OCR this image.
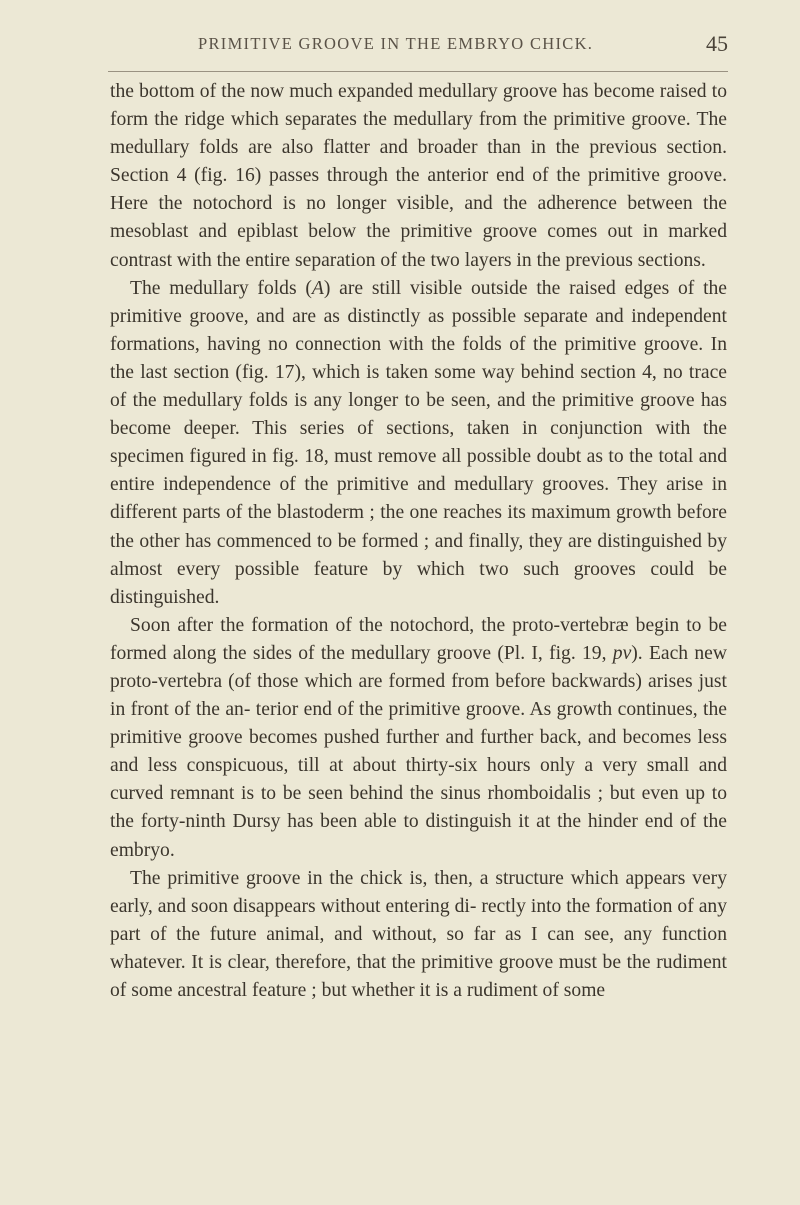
PRIMITIVE GROOVE IN THE EMBRYO CHICK.	45

the bottom of the now much expanded medullary groove has become raised to form the ridge which separates the medullary from the primitive groove. The medullary folds are also flatter and broader than in the previous section. Section 4 (fig. 16) passes through the anterior end of the primitive groove. Here the notochord is no longer visible, and the adherence between the mesoblast and epiblast below the primitive groove comes out in marked contrast with the entire separation of the two layers in the previous sections.

The medullary folds (A) are still visible outside the raised edges of the primitive groove, and are as distinctly as possible separate and independent formations, having no connection with the folds of the primitive groove. In the last section (fig. 17), which is taken some way behind section 4, no trace of the medullary folds is any longer to be seen, and the primitive groove has become deeper. This series of sections, taken in conjunction with the specimen figured in fig. 18, must remove all possible doubt as to the total and entire independence of the primitive and medullary grooves. They arise in different parts of the blastoderm ; the one reaches its maximum growth before the other has commenced to be formed ; and finally, they are distinguished by almost every possible feature by which two such grooves could be distinguished.

Soon after the formation of the notochord, the proto-vertebræ begin to be formed along the sides of the medullary groove (Pl. I, fig. 19, pv). Each new proto-vertebra (of those which are formed from before backwards) arises just in front of the an- terior end of the primitive groove. As growth continues, the primitive groove becomes pushed further and further back, and becomes less and less conspicuous, till at about thirty-six hours only a very small and curved remnant is to be seen behind the sinus rhomboidalis ; but even up to the forty-ninth Dursy has been able to distinguish it at the hinder end of the embryo.

The primitive groove in the chick is, then, a structure which appears very early, and soon disappears without entering di- rectly into the formation of any part of the future animal, and without, so far as I can see, any function whatever. It is clear, therefore, that the primitive groove must be the rudiment of some ancestral feature ; but whether it is a rudiment of some
